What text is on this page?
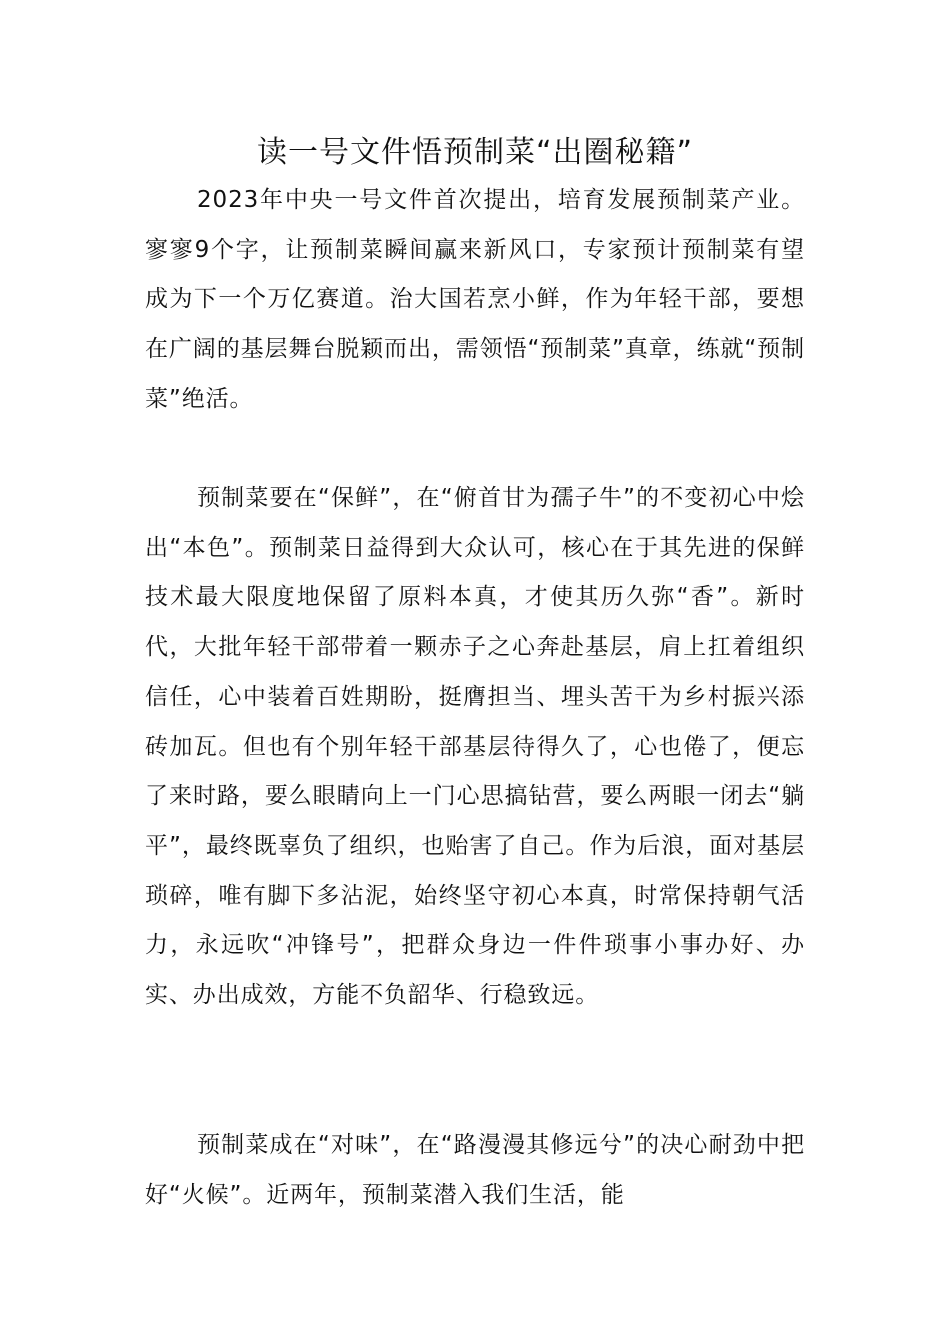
读一号文件悟预制菜“出圈秘籍”

2023年中央一号文件首次提出，培育发展预制菜产业。寥寥9个字，让预制菜瞬间赢来新风口，专家预计预制菜有望成为下一个万亿赛道。治大国若烹小鲜，作为年轻干部，要想在广阔的基层舞台脱颖而出，需领悟“预制菜”真章，练就“预制菜”绝活。

预制菜要在“保鲜”，在“俯首甘为孺子牛”的不变初心中烩出“本色”。预制菜日益得到大众认可，核心在于其先进的保鲜技术最大限度地保留了原料本真，才使其历久弥“香”。新时代，大批年轻干部带着一颗赤子之心奔赴基层，肩上扛着组织信任，心中装着百姓期盼，挺膺担当、埋头苦干为乡村振兴添砖加瓦。但也有个别年轻干部基层待得久了，心也倦了，便忘了来时路，要么眼睛向上一门心思搞钻营，要么两眼一闭去“躺平”，最终既辜负了组织，也贻害了自己。作为后浪，面对基层琐碎，唯有脚下多沾泥，始终坚守初心本真，时常保持朝气活力，永远吹“冲锋号”，把群众身边一件件琐事小事办好、办实、办出成效，方能不负韶华、行稳致远。

预制菜成在“对味”，在“路漫漫其修远兮”的决心耐劲中把好“火候”。近两年，预制菜潜入我们生活，能
